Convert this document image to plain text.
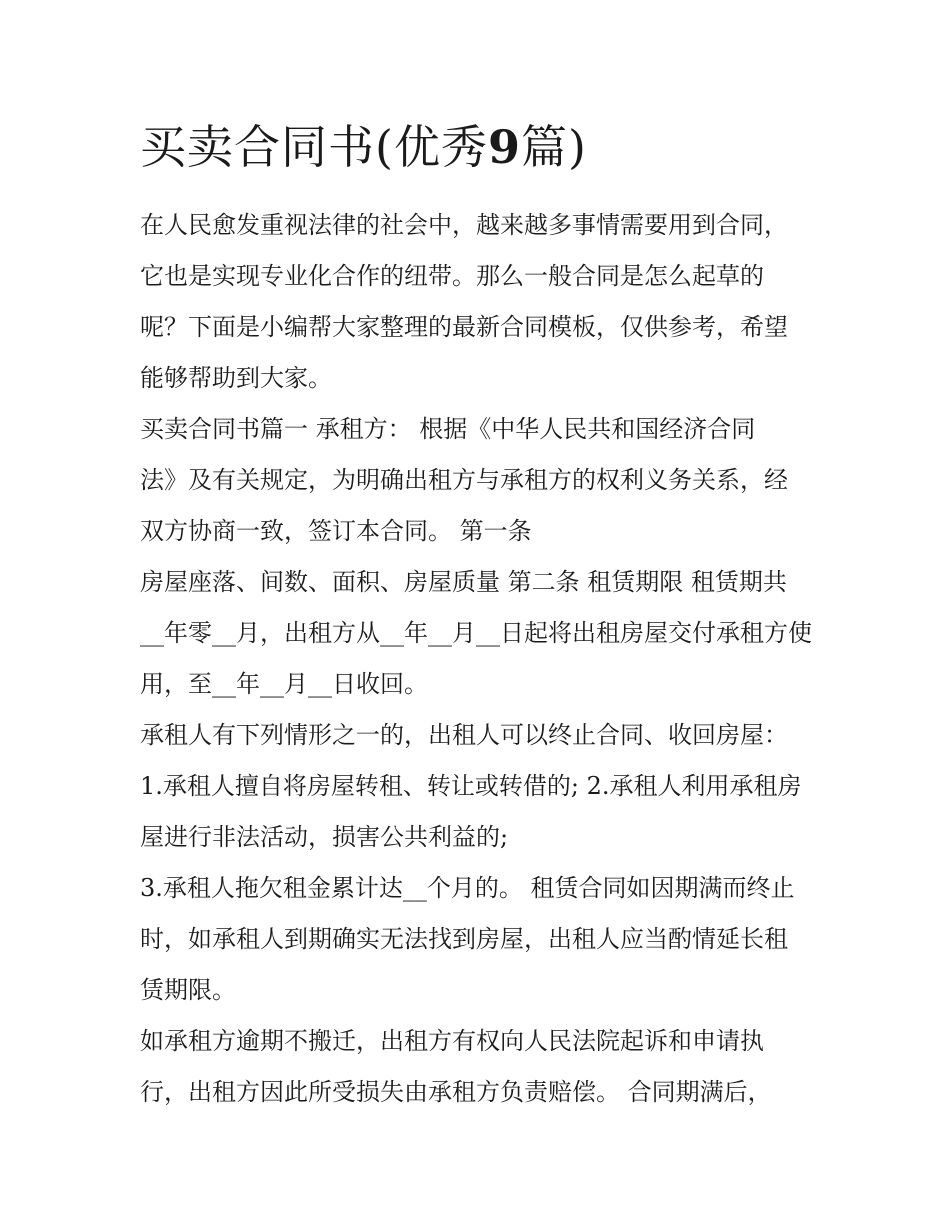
买卖合同书(优秀9篇)
在人民愈发重视法律的社会中，越来越多事情需要用到合同，
它也是实现专业化合作的纽带。那么一般合同是怎么起草的
呢？下面是小编帮大家整理的最新合同模板，仅供参考，希望
能够帮助到大家。
买卖合同书篇一 承租方： 根据《中华人民共和国经济合同
法》及有关规定，为明确出租方与承租方的权利义务关系，经
双方协商一致，签订本合同。 第一条
房屋座落、间数、面积、房屋质量 第二条 租赁期限 租赁期共
__年零__月，出租方从__年__月__日起将出租房屋交付承租方使
用，至__年__月__日收回。
承租人有下列情形之一的，出租人可以终止合同、收回房屋：
1.承租人擅自将房屋转租、转让或转借的; 2.承租人利用承租房
屋进行非法活动，损害公共利益的;
3.承租人拖欠租金累计达__个月的。 租赁合同如因期满而终止
时，如承租人到期确实无法找到房屋，出租人应当酌情延长租
赁期限。
如承租方逾期不搬迁，出租方有权向人民法院起诉和申请执
行，出租方因此所受损失由承租方负责赔偿。 合同期满后，
